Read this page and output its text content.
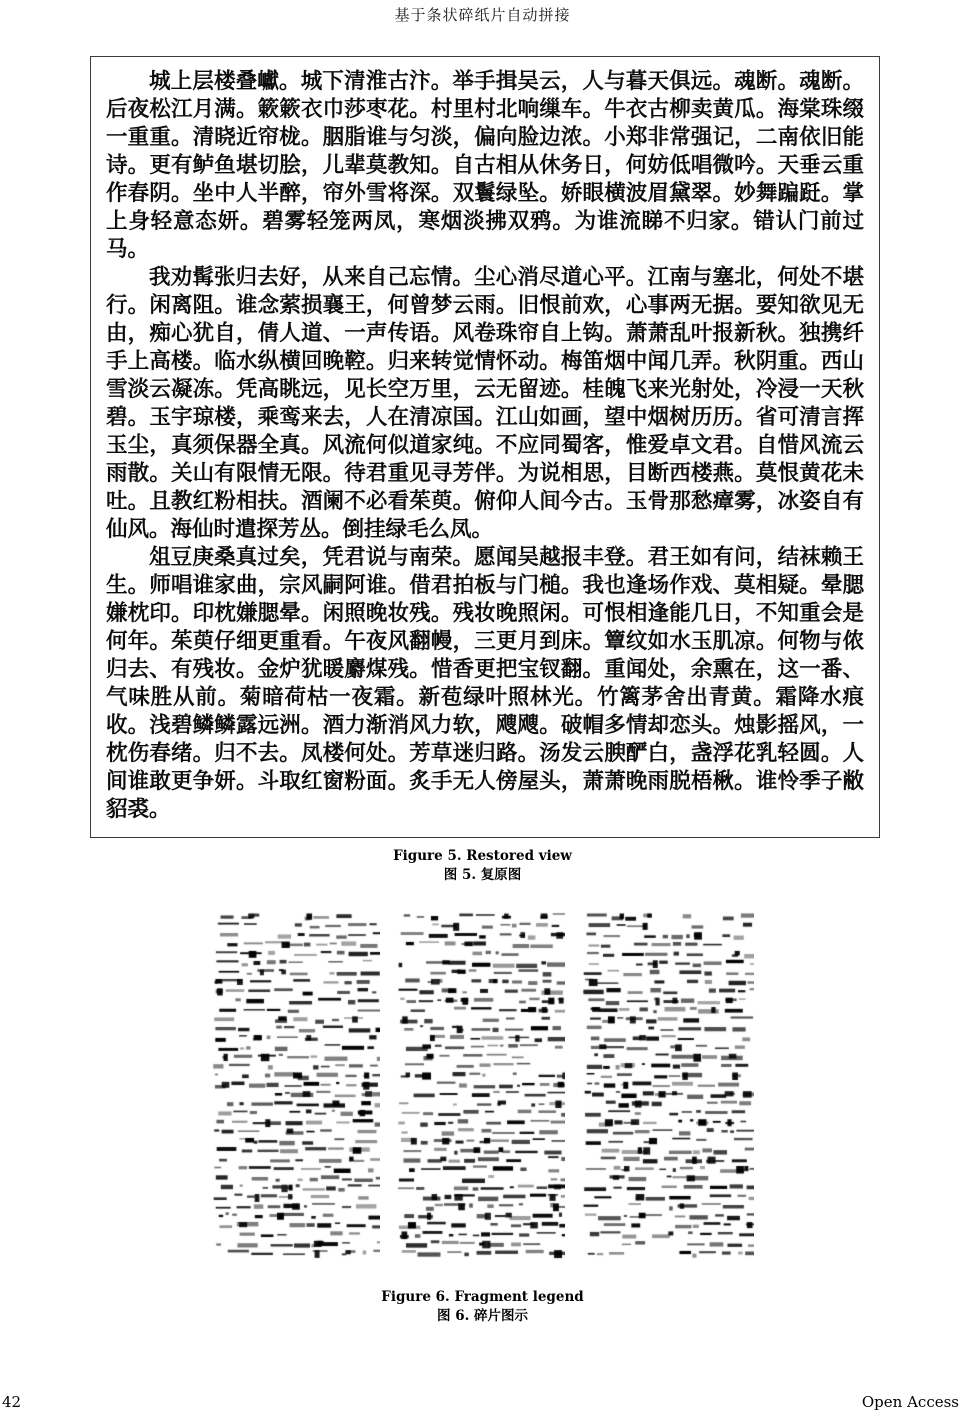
基于条状碎纸片自动拼接

城上层楼叠巘。城下清淮古汴。举手揖吴云，人与暮天俱远。魂断。魂断。后夜松江月满。簌簌衣巾莎枣花。村里村北响缫车。牛衣古柳卖黄瓜。海棠珠缀一重重。清晓近帘栊。胭脂谁与匀淡，偏向脸边浓。小郑非常强记，二南依旧能诗。更有鲈鱼堪切脍，儿辈莫教知。自古相从休务日，何妨低唱微吟。天垂云重作春阴。坐中人半醉，帘外雪将深。双鬟绿坠。娇眼横波眉黛翠。妙舞蹁跹。掌上身轻意态妍。碧雾轻笼两凤，寒烟淡拂双鸦。为谁流睇不归家。错认门前过马。

我劝髯张归去好，从来自己忘情。尘心消尽道心平。江南与塞北，何处不堪行。闲离阻。谁念萦损襄王，何曾梦云雨。旧恨前欢，心事两无据。要知欲见无由，痴心犹自，倩人道、一声传语。风卷珠帘自上钩。萧萧乱叶报新秋。独携纤手上高楼。临水纵横回晚鞚。归来转觉情怀动。梅笛烟中闻几弄。秋阴重。西山雪淡云凝冻。凭高眺远，见长空万里，云无留迹。桂魄飞来光射处，冷浸一天秋碧。玉宇琼楼，乘鸾来去，人在清凉国。江山如画，望中烟树历历。省可清言挥玉尘，真须保器全真。风流何似道家纯。不应同蜀客，惟爱卓文君。自惜风流云雨散。关山有限情无限。待君重见寻芳伴。为说相思，目断西楼燕。莫恨黄花未吐。且教红粉相扶。酒阑不必看茱萸。俯仰人间今古。玉骨那愁瘴雾，冰姿自有仙风。海仙时遣探芳丛。倒挂绿毛么凤。

俎豆庚桑真过矣，凭君说与南荣。愿闻吴越报丰登。君王如有问，结袜赖王生。师唱谁家曲，宗风嗣阿谁。借君拍板与门槌。我也逢场作戏、莫相疑。晕腮嫌枕印。印枕嫌腮晕。闲照晚妆残。残妆晚照闲。可恨相逢能几日，不知重会是何年。茱萸仔细更重看。午夜风翻幔，三更月到床。簟纹如水玉肌凉。何物与侬归去、有残妆。金炉犹暖麝煤残。惜香更把宝钗翻。重闻处，余熏在，这一番、气味胜从前。菊暗荷枯一夜霜。新苞绿叶照林光。竹篱茅舍出青黄。霜降水痕收。浅碧鳞鳞露远洲。酒力渐消风力软，飕飕。破帽多情却恋头。烛影摇风，一枕伤春绪。归不去。凤楼何处。芳草迷归路。汤发云腴酽白，盏浮花乳轻圆。人间谁敢更争妍。斗取红窗粉面。炙手无人傍屋头，萧萧晚雨脱梧楸。谁怜季子敝貂裘。

Figure 5. Restored view
图 5. 复原图
Figure 6. Fragment legend
图 6. 碎片图示
42	Open Access
